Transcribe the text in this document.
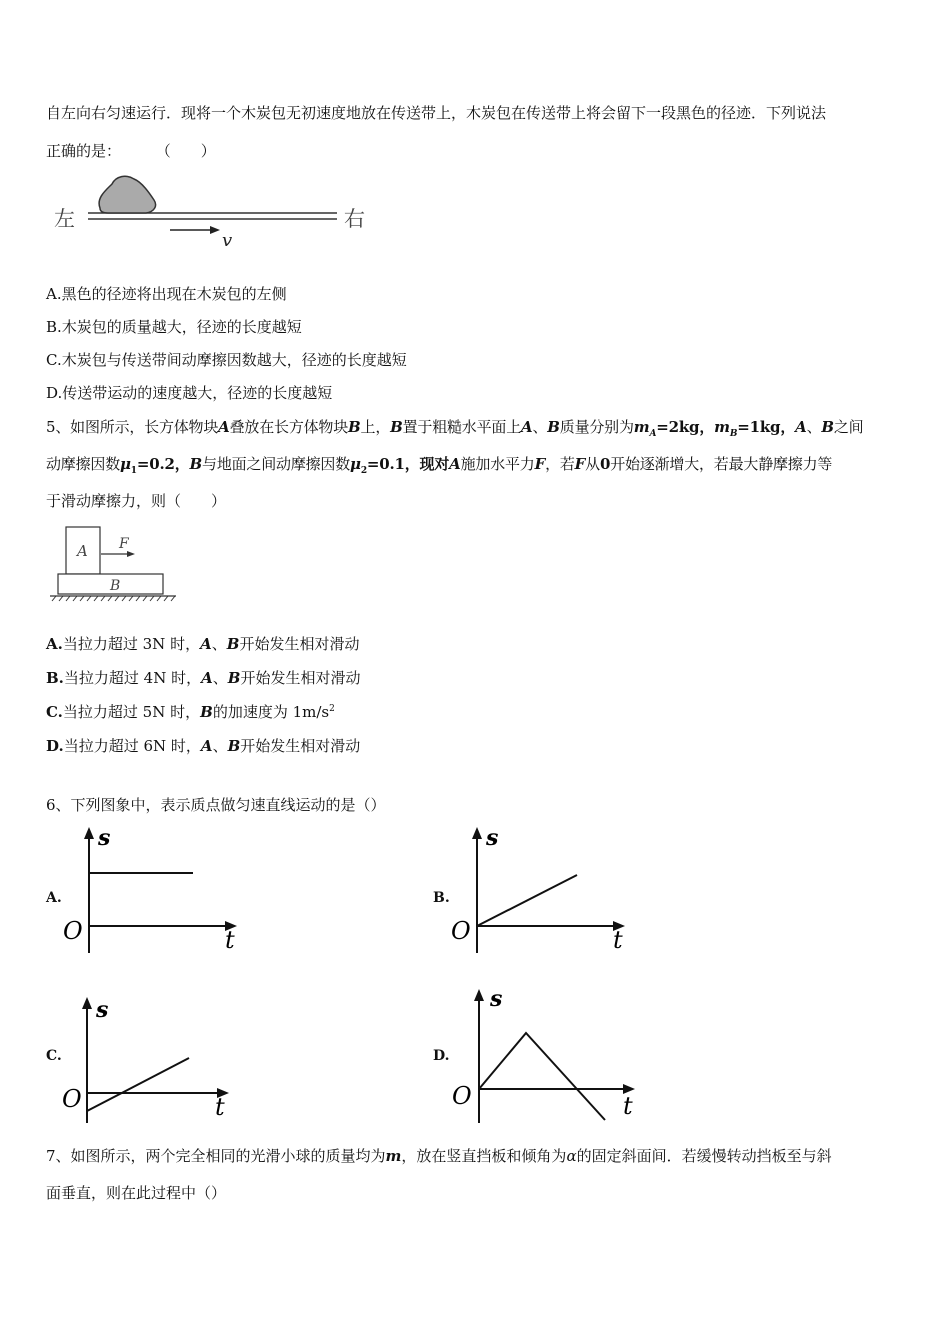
自左向右匀速运行．现将一个木炭包无初速度地放在传送带上，木炭包在传送带上将会留下一段黑色的径迹．下列说法
正确的是： （　　）
左	右
v
A.黑色的径迹将出现在木炭包的左侧
B.木炭包的质量越大，径迹的长度越短
C.木炭包与传送带间动摩擦因数越大，径迹的长度越短
D.传送带运动的速度越大，径迹的长度越短
5、如图所示，长方体物块A叠放在长方体物块B上，B置于粗糙水平面上A、B质量分别为$m_A=2kg$，$m_B=1kg$，A、B之间
动摩擦因数$\mu_1=0.2$，B与地面之间动摩擦因数$\mu_2=0.1$，现对A施加水平力F，若F从0开始逐渐增大，若最大静摩擦力等
于滑动摩擦力，则（　　）
A F
B
A.当拉力超过 3N 时，A、B开始发生相对滑动
B.当拉力超过 4N 时，A、B开始发生相对滑动
C.当拉力超过 5N 时，B的加速度为 $1m/s^2$
D.当拉力超过 6N 时，A、B开始发生相对滑动
6、下列图象中，表示质点做匀速直线运动的是（）
A.
s
O	t
B.
s
O	t
C.
s
O	t
D.
s
O	t
7、如图所示，两个完全相同的光滑小球的质量均为m，放在竖直挡板和倾角为α的固定斜面间．若缓慢转动挡板至与斜
面垂直，则在此过程中（）
